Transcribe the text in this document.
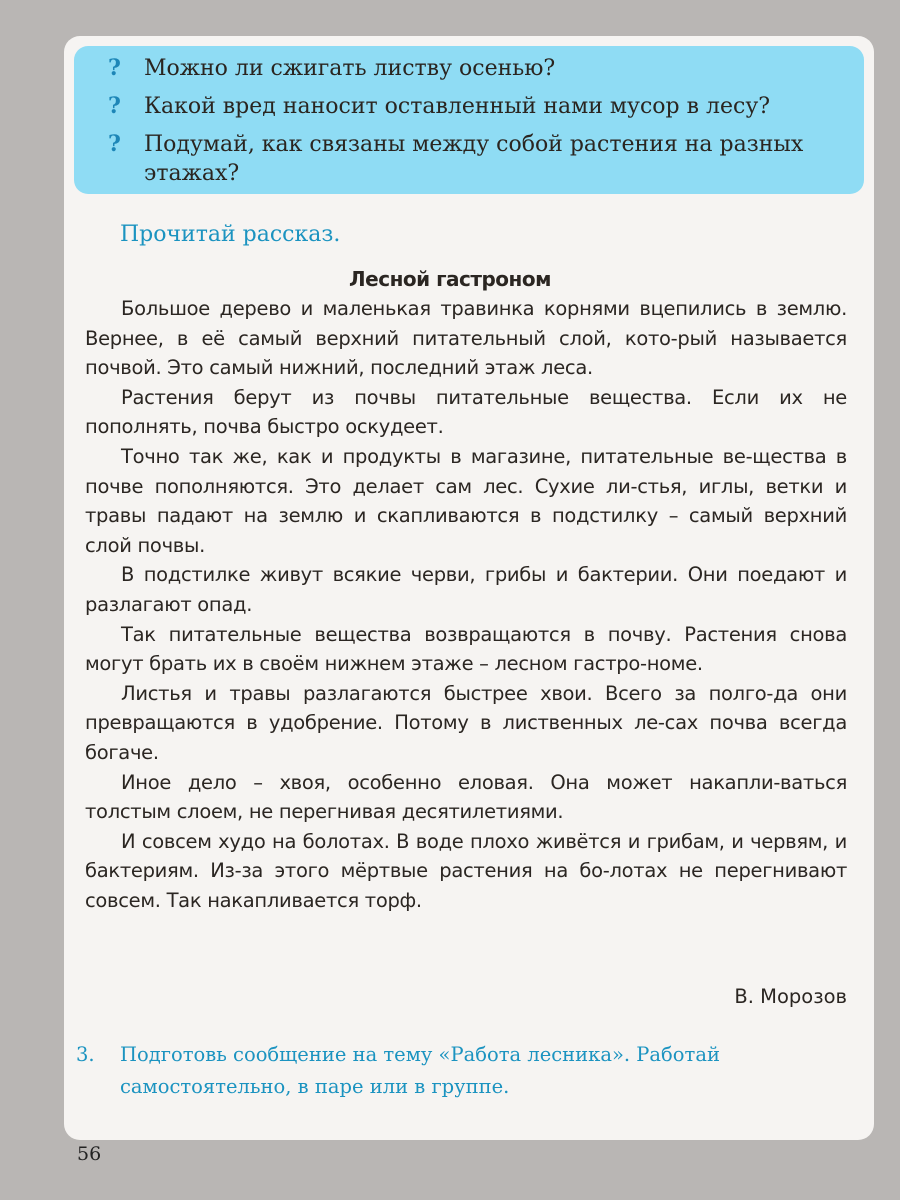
? Можно ли сжигать листву осенью?
? Какой вред наносит оставленный нами мусор в лесу?
? Подумай, как связаны между собой растения на разных этажах?
Прочитай рассказ.
Лесной гастроном

Большое дерево и маленькая травинка корнями вцепились в землю. Вернее, в её самый верхний питательный слой, кото-рый называется почвой. Это самый нижний, последний этаж леса.

Растения берут из почвы питательные вещества. Если их не пополнять, почва быстро оскудеет.

Точно так же, как и продукты в магазине, питательные ве-щества в почве пополняются. Это делает сам лес. Сухие ли-стья, иглы, ветки и травы падают на землю и скапливаются в подстилку – самый верхний слой почвы.

В подстилке живут всякие черви, грибы и бактерии. Они поедают и разлагают опад.

Так питательные вещества возвращаются в почву. Растения снова могут брать их в своём нижнем этаже – лесном гастро-номе.

Листья и травы разлагаются быстрее хвои. Всего за полго-да они превращаются в удобрение. Потому в лиственных ле-сах почва всегда богаче.

Иное дело – хвоя, особенно еловая. Она может накапли-ваться толстым слоем, не перегнивая десятилетиями.

И совсем худо на болотах. В воде плохо живётся и грибам, и червям, и бактериям. Из-за этого мёртвые растения на бо-лотах не перегнивают совсем. Так накапливается торф.

В. Морозов
3. Подготовь сообщение на тему «Работа лесника». Работай самостоятельно, в паре или в группе.
56
